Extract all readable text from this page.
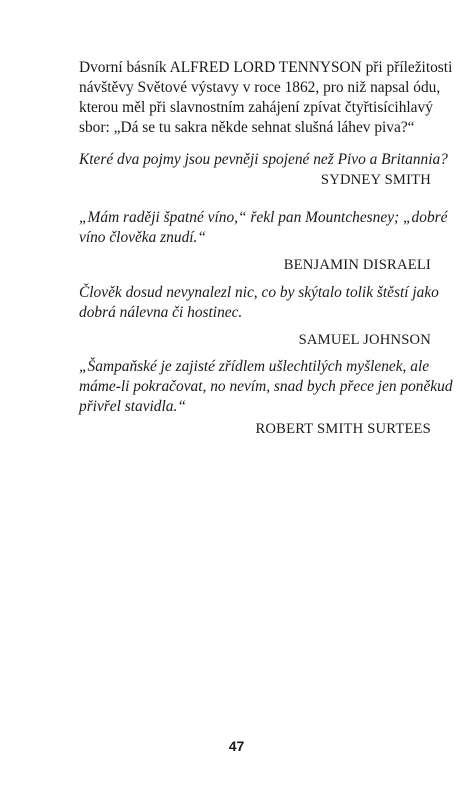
Dvorní básník ALFRED LORD TENNYSON při příležitosti
návštěvy Světové výstavy v roce 1862, pro niž napsal ódu,
kterou měl při slavnostním zahájení zpívat čtyřtisícihlavý
sbor: „Dá se tu sakra někde sehnat slušná láhev piva?“
Které dva pojmy jsou pevněji spojené než Pivo a Britannia?
SYDNEY SMITH
„Mám raději špatné víno,“ řekl pan Mountchesney; „dobré
víno člověka znudí.“
BENJAMIN DISRAELI
Člověk dosud nevynalezl nic, co by skýtalo tolik štěstí jako
dobrá nálevna či hostinec.
SAMUEL JOHNSON
„Šampaňské je zajisté zřídlem ušlechtilých myšlenek, ale
máme-li pokračovat, no nevím, snad bych přece jen poněkud
přivřel stavidla.“
ROBERT SMITH SURTEES
47
